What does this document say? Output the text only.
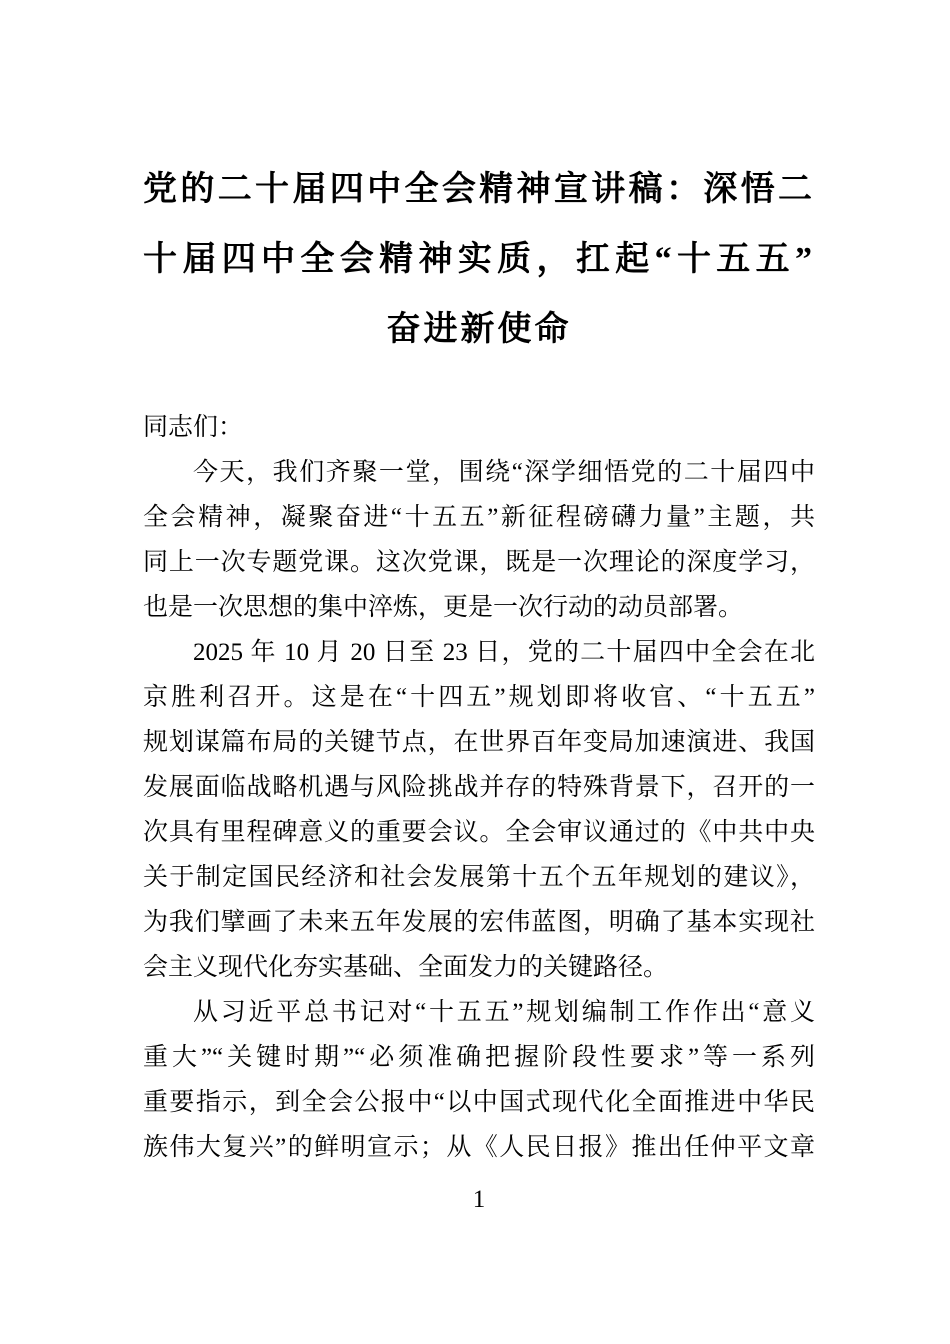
党的二十届四中全会精神宣讲稿：深悟二
十届四中全会精神实质，扛起“十五五”
奋进新使命
同志们：
今天，我们齐聚一堂，围绕“深学细悟党的二十届四中
全会精神，凝聚奋进“十五五”新征程磅礴力量”主题，共
同上一次专题党课。这次党课，既是一次理论的深度学习，
也是一次思想的集中淬炼，更是一次行动的动员部署。
2025 年 10 月 20 日至 23 日，党的二十届四中全会在北
京胜利召开。这是在“十四五”规划即将收官、“十五五”
规划谋篇布局的关键节点，在世界百年变局加速演进、我国
发展面临战略机遇与风险挑战并存的特殊背景下，召开的一
次具有里程碑意义的重要会议。全会审议通过的《中共中央
关于制定国民经济和社会发展第十五个五年规划的建议》，
为我们擘画了未来五年发展的宏伟蓝图，明确了基本实现社
会主义现代化夯实基础、全面发力的关键路径。
从习近平总书记对“十五五”规划编制工作作出“意义
重大”“关键时期”“必须准确把握阶段性要求”等一系列
重要指示，到全会公报中“以中国式现代化全面推进中华民
族伟大复兴”的鲜明宣示；从《人民日报》推出任仲平文章
1
